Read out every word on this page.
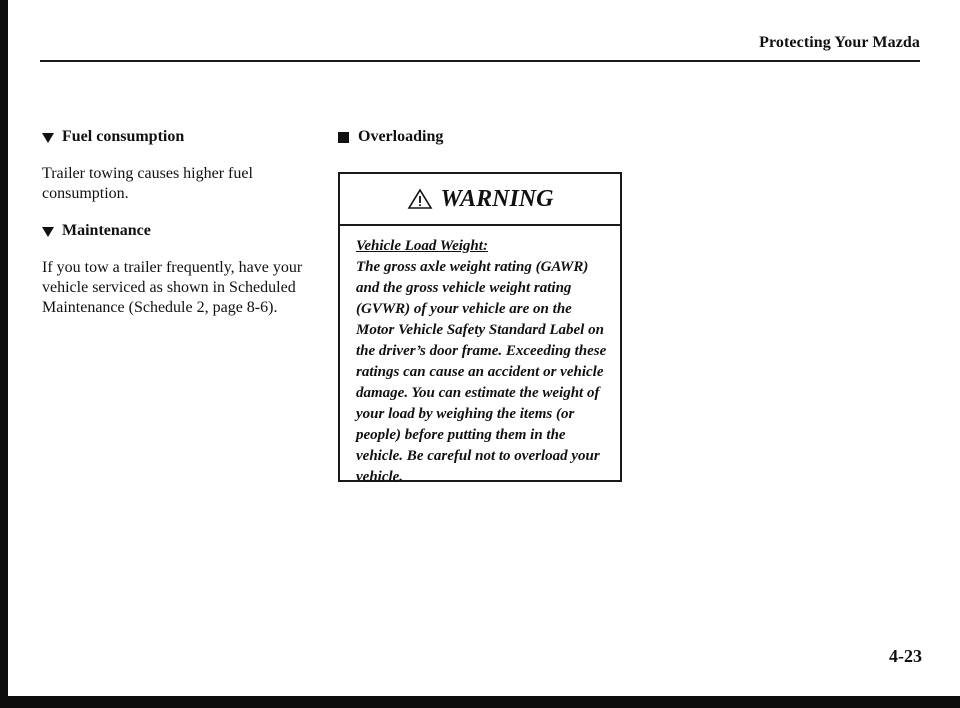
Protecting Your Mazda
Fuel consumption

Trailer towing causes higher fuel consumption.

Maintenance

If you tow a trailer frequently, have your vehicle serviced as shown in Scheduled Maintenance (Schedule 2, page 8-6).

Overloading
WARNING
Vehicle Load Weight:
The gross axle weight rating (GAWR) and the gross vehicle weight rating (GVWR) of your vehicle are on the Motor Vehicle Safety Standard Label on the driver’s door frame. Exceeding these ratings can cause an accident or vehicle damage. You can estimate the weight of your load by weighing the items (or people) before putting them in the vehicle. Be careful not to overload your vehicle.
4-23
